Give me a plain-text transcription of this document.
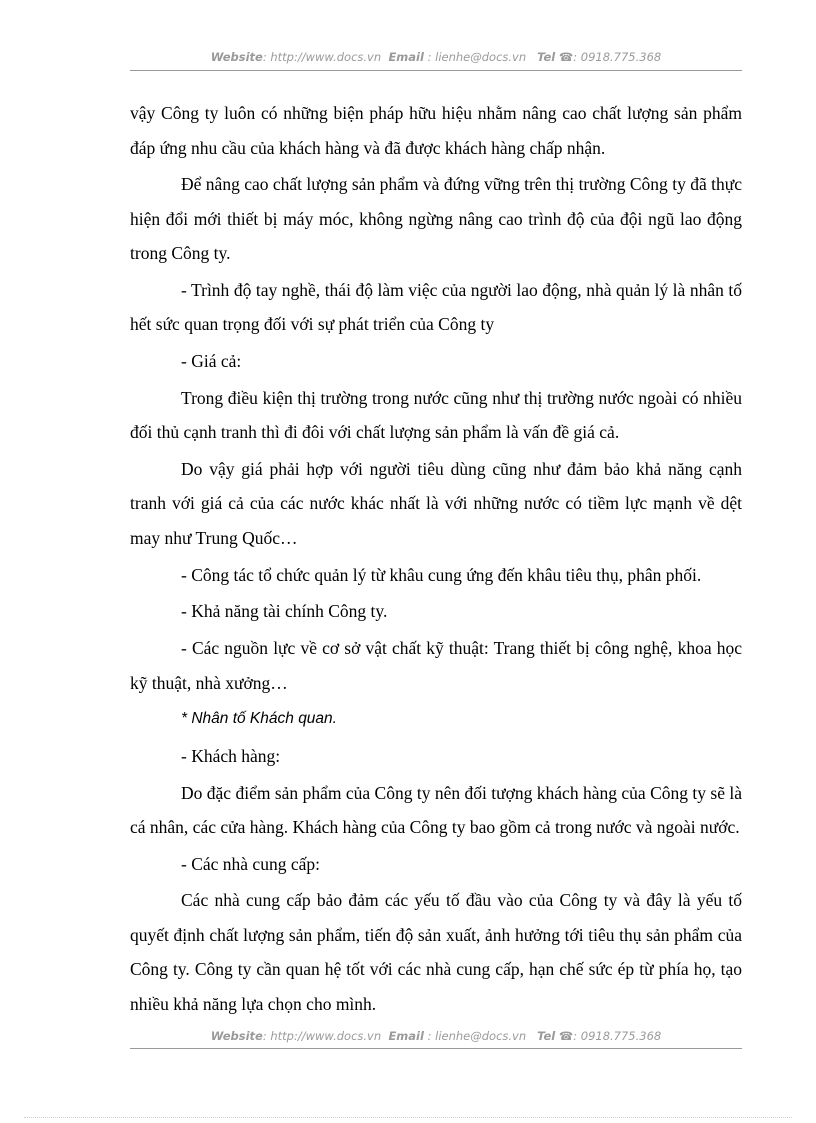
Website: http://www.docs.vn Email : lienhe@docs.vn Tel ☎: 0918.775.368

vậy Công ty luôn có những biện pháp hữu hiệu nhằm nâng cao chất lượng sản phẩm đáp ứng nhu cầu của khách hàng và đã được khách hàng chấp nhận.

Để nâng cao chất lượng sản phẩm và đứng vững trên thị trường Công ty đã thực hiện đổi mới thiết bị máy móc, không ngừng nâng cao trình độ của đội ngũ lao động trong Công ty.

- Trình độ tay nghề, thái độ làm việc của người lao động, nhà quản lý là nhân tố hết sức quan trọng đối với sự phát triển của Công ty

- Giá cả:

Trong điều kiện thị trường trong nước cũng như thị trường nước ngoài có nhiều đối thủ cạnh tranh thì đi đôi với chất lượng sản phẩm là vấn đề giá cả.

Do vậy giá phải hợp với người tiêu dùng cũng như đảm bảo khả năng cạnh tranh với giá cả của các nước khác nhất là với những nước có tiềm lực mạnh về dệt may như Trung Quốc…

- Công tác tổ chức quản lý từ khâu cung ứng đến khâu tiêu thụ, phân phối.

- Khả năng tài chính Công ty.

- Các nguồn lực về cơ sở vật chất kỹ thuật: Trang thiết bị công nghệ, khoa học kỹ thuật, nhà xưởng…

* Nhân tố Khách quan.

- Khách hàng:

Do đặc điểm sản phẩm của Công ty nên đối tượng khách hàng của Công ty sẽ là cá nhân, các cửa hàng. Khách hàng của Công ty bao gồm cả trong nước và ngoài nước.

- Các nhà cung cấp:

Các nhà cung cấp bảo đảm các yếu tố đầu vào của Công ty và đây là yếu tố quyết định chất lượng sản phẩm, tiến độ sản xuất, ảnh hưởng tới tiêu thụ sản phẩm của Công ty. Công ty cần quan hệ tốt với các nhà cung cấp, hạn chế sức ép từ phía họ, tạo nhiều khả năng lựa chọn cho mình.

Website: http://www.docs.vn Email : lienhe@docs.vn Tel ☎: 0918.775.368
